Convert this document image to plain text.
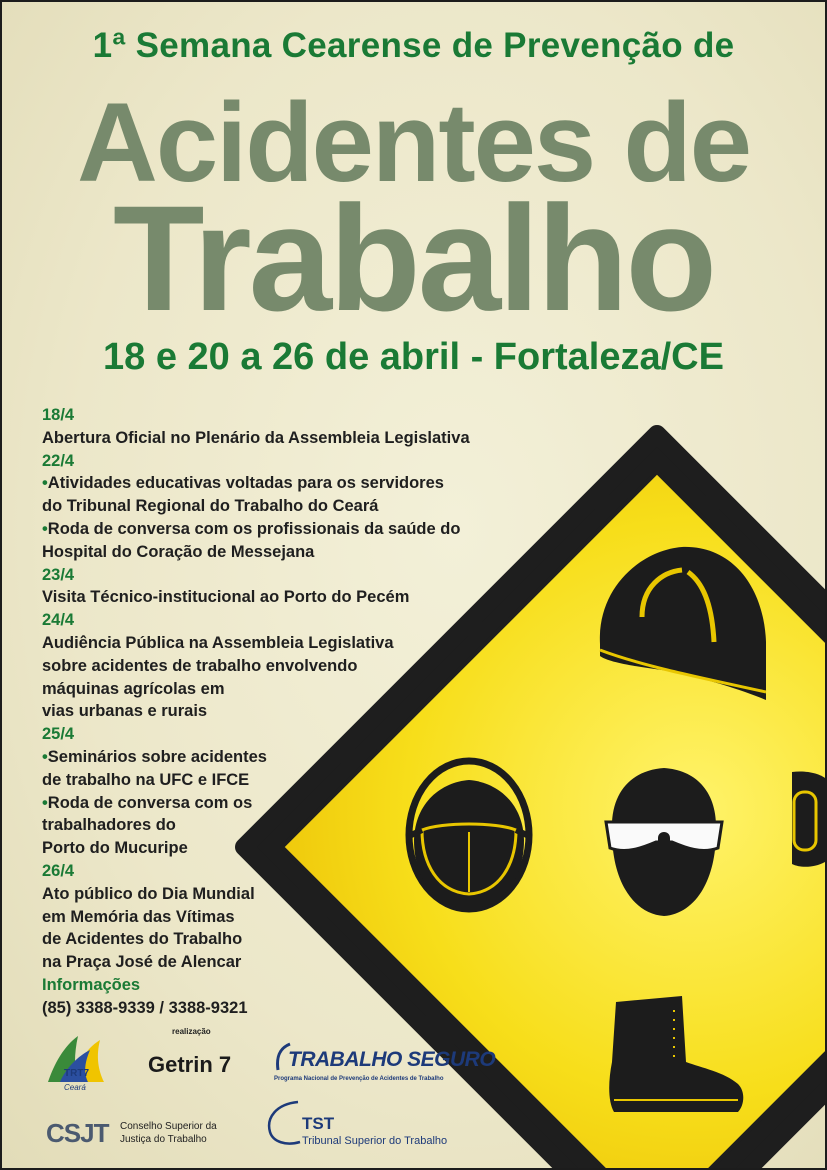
1ª Semana Cearense de Prevenção de
Acidentes de
Trabalho
18 e 20 a 26 de abril - Fortaleza/CE
18/4
Abertura Oficial no Plenário da Assembleia Legislativa
22/4
• Atividades educativas voltadas para os servidores
do Tribunal Regional do Trabalho do Ceará
• Roda de conversa com os profissionais da saúde do
Hospital do Coração de Messejana
23/4
Visita Técnico-institucional ao Porto do Pecém
24/4
Audiência Pública na Assembleia Legislativa
sobre acidentes de trabalho envolvendo
máquinas agrícolas em
vias urbanas e rurais
25/4
• Seminários sobre acidentes
de trabalho na UFC e IFCE
• Roda de conversa com os
trabalhadores do
Porto do Mucuripe
26/4
Ato público do Dia Mundial
em Memória das Vítimas
de Acidentes do Trabalho
na Praça José de Alencar
Informações
(85) 3388-9339 / 3388-9321
realização
TRT7
Ceará
Getrin 7	TRABALHO SEGURO
Programa Nacional de Prevenção de Acidentes de Trabalho
CSJT Conselho Superior da Justiça do Trabalho
TST
Tribunal Superior do Trabalho
